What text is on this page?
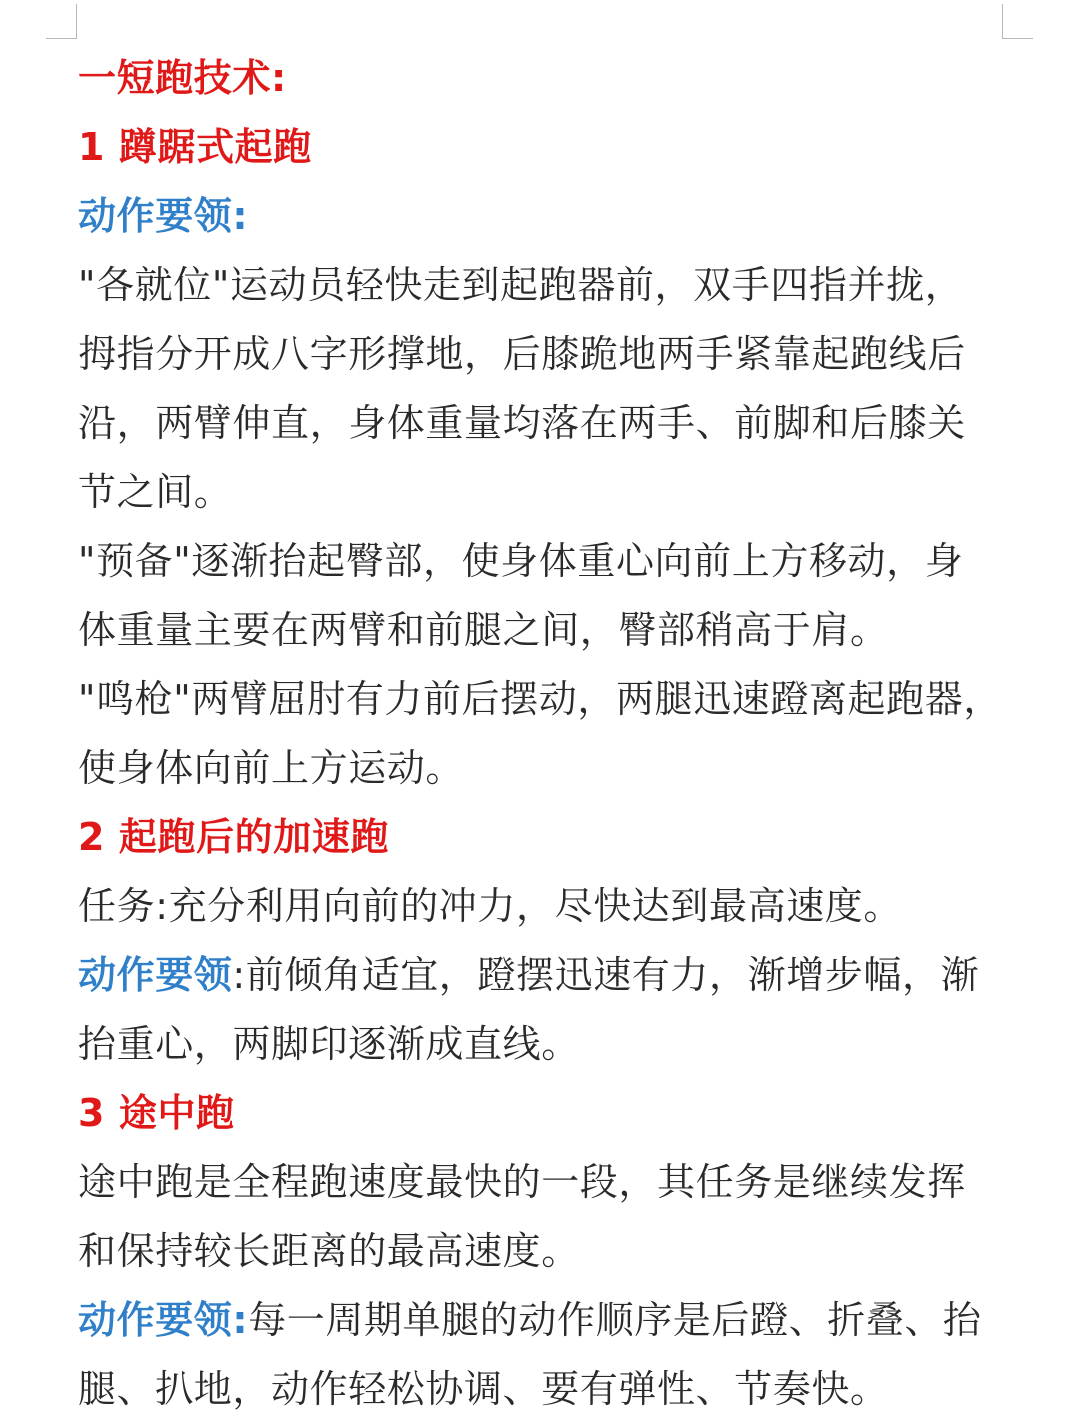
一短跑技术:
1 蹲踞式起跑
动作要领:
"各就位"运动员轻快走到起跑器前，双手四指并拢，
拇指分开成八字形撑地，后膝跪地两手紧靠起跑线后
沿，两臂伸直，身体重量均落在两手、前脚和后膝关
节之间。
"预备"逐渐抬起臀部，使身体重心向前上方移动，身
体重量主要在两臂和前腿之间，臀部稍高于肩。
"鸣枪"两臂屈肘有力前后摆动，两腿迅速蹬离起跑器，
使身体向前上方运动。
2 起跑后的加速跑
任务:充分利用向前的冲力，尽快达到最高速度。
动作要领:前倾角适宜，蹬摆迅速有力，渐增步幅，渐
抬重心，两脚印逐渐成直线。
3 途中跑
途中跑是全程跑速度最快的一段，其任务是继续发挥
和保持较长距离的最高速度。
动作要领:每一周期单腿的动作顺序是后蹬、折叠、抬
腿、扒地，动作轻松协调、要有弹性、节奏快。
